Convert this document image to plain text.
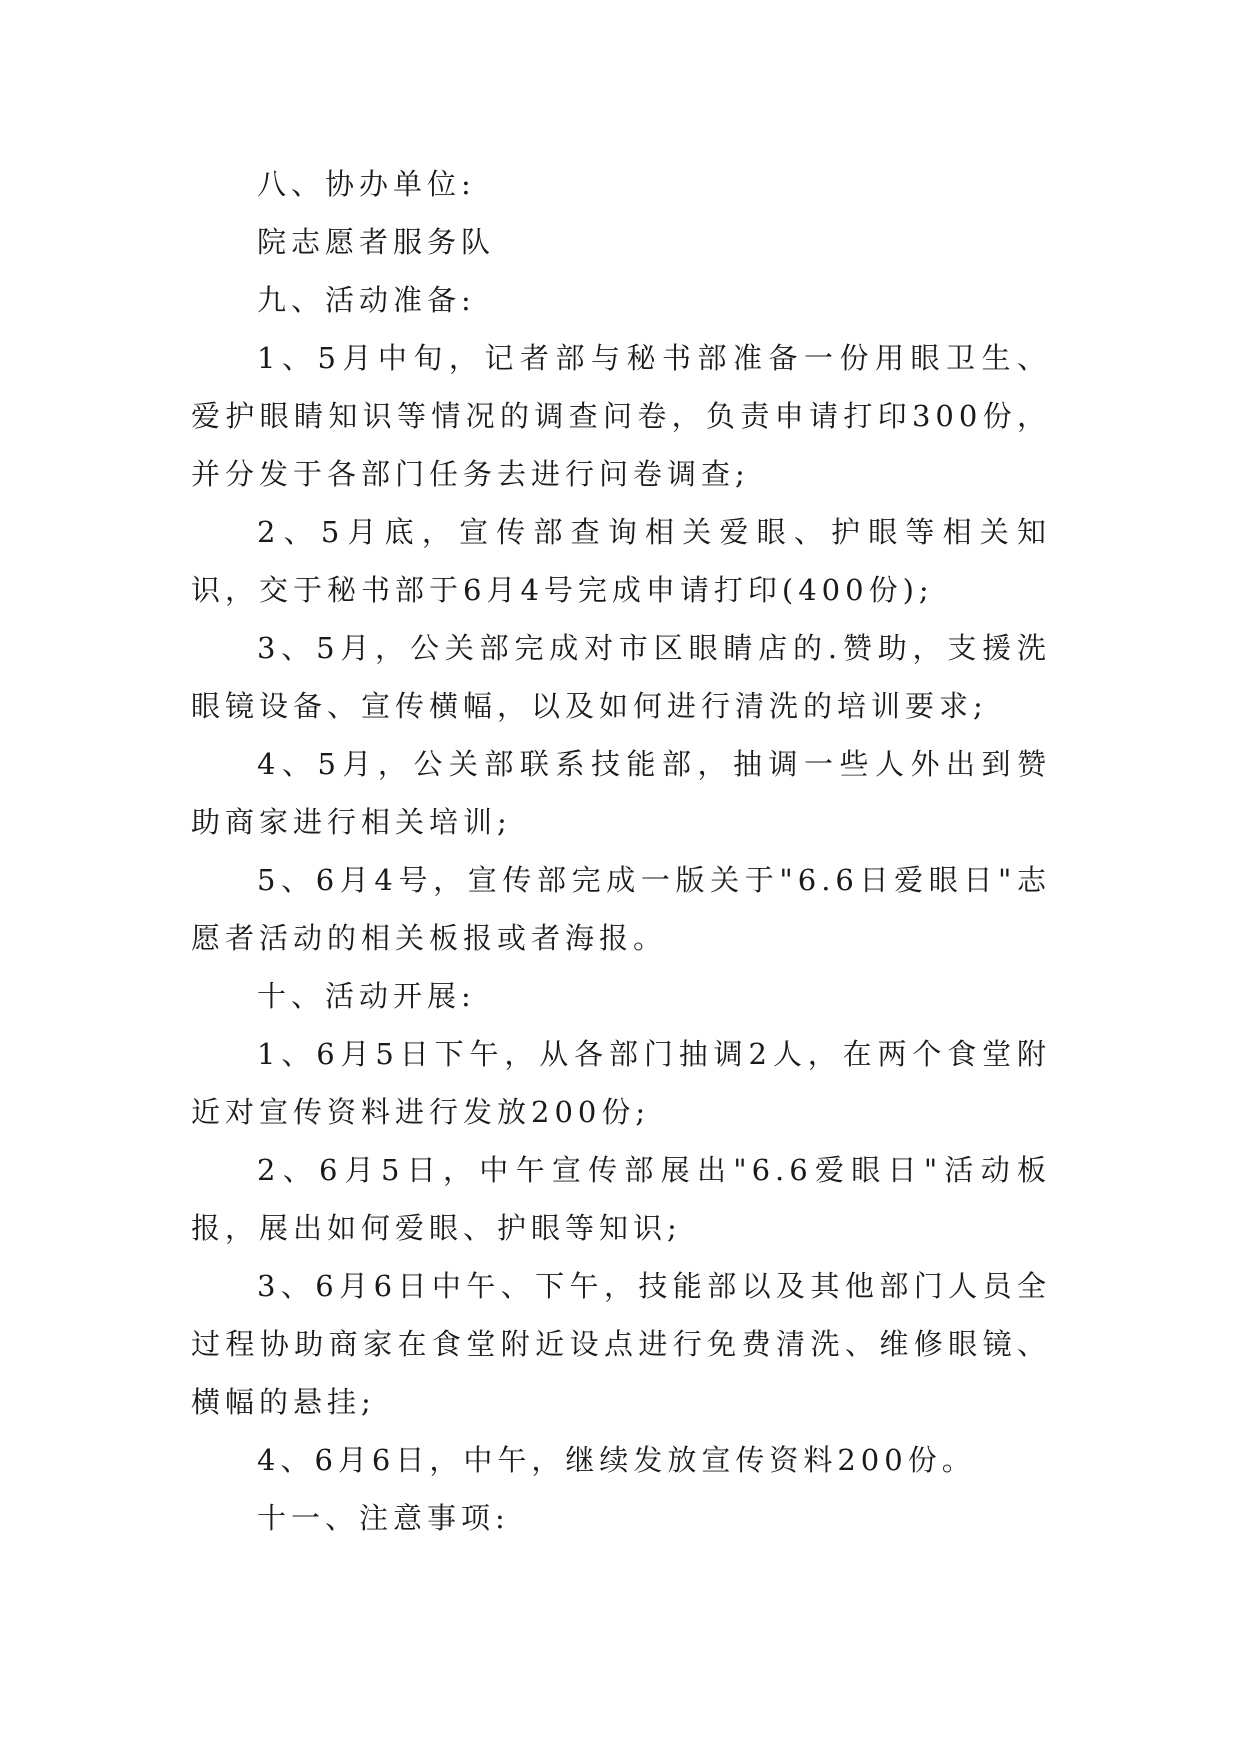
八、协办单位:

院志愿者服务队

九、活动准备:

1、5月中旬，记者部与秘书部准备一份用眼卫生、爱护眼睛知识等情况的调查问卷，负责申请打印300份，并分发于各部门任务去进行问卷调查;

2、5月底，宣传部查询相关爱眼、护眼等相关知识，交于秘书部于6月4号完成申请打印(400份);

3、5月，公关部完成对市区眼睛店的.赞助，支援洗眼镜设备、宣传横幅，以及如何进行清洗的培训要求;

4、5月，公关部联系技能部，抽调一些人外出到赞助商家进行相关培训;

5、6月4号，宣传部完成一版关于"6.6日爱眼日"志愿者活动的相关板报或者海报。

十、活动开展:

1、6月5日下午，从各部门抽调2人，在两个食堂附近对宣传资料进行发放200份;

2、6月5日，中午宣传部展出"6.6爱眼日"活动板报，展出如何爱眼、护眼等知识;

3、6月6日中午、下午，技能部以及其他部门人员全过程协助商家在食堂附近设点进行免费清洗、维修眼镜、横幅的悬挂;

4、6月6日，中午，继续发放宣传资料200份。

十一、注意事项:
